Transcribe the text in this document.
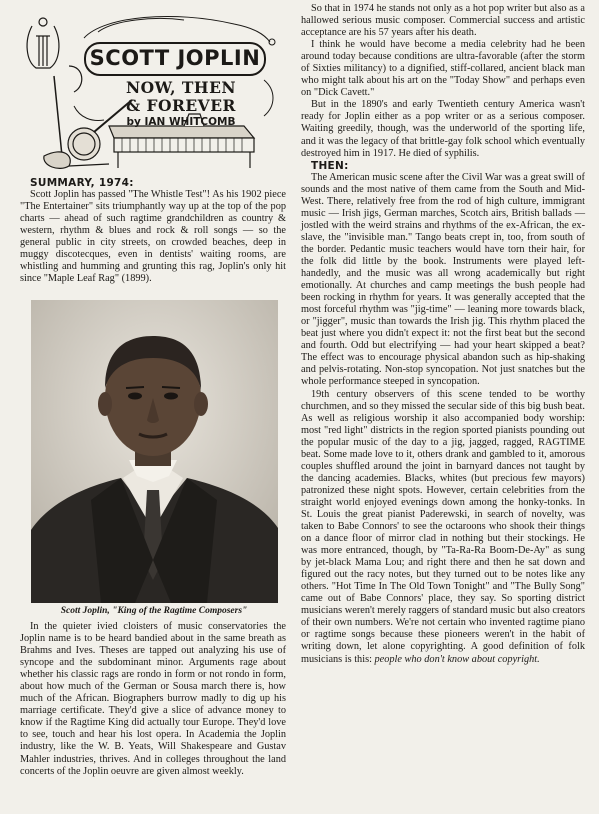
SCOTT JOPLIN
NOW, THEN
& FOREVER
by IAN WHITCOMB

SUMMARY, 1974:

Scott Joplin has passed "The Whistle Test"! As his 1902 piece "The Entertainer" sits triumphantly way up at the top of the pop charts — ahead of such ragtime grandchildren as country & western, rhythm & blues and rock & roll songs — so the general public in city streets, on crowded beaches, deep in muggy discotecques, even in dentists' waiting rooms, are whistling and humming and grunting this rag, Joplin's only hit since "Maple Leaf Rag" (1899).

Scott Joplin, "King of the Ragtime Composers"

In the quieter ivied cloisters of music conservatories the Joplin name is to be heard bandied about in the same breath as Brahms and Ives. Theses are tapped out analyzing his use of syncope and the subdominant minor. Arguments rage about whether his classic rags are rondo in form or not rondo in form, about how much of the German or Sousa march there is, how much of the African. Biographers burrow madly to dig up his marriage certificate. They'd give a slice of advance money to know if the Ragtime King did actually tour Europe. They'd love to see, touch and hear his lost opera. In Academia the Joplin industry, like the W. B. Yeats, Will Shakespeare and Gustav Mahler industries, thrives. And in colleges throughout the land concerts of the Joplin oeuvre are given almost weekly.

So that in 1974 he stands not only as a hot pop writer but also as a hallowed serious music composer. Commercial success and artistic acceptance are his 57 years after his death.

I think he would have become a media celebrity had he been around today because conditions are ultra-favorable (after the storm of Sixties militancy) to a dignified, stiff-collared, ancient black man who might talk about his art on the "Today Show" and perhaps even on "Dick Cavett."

But in the 1890's and early Twentieth century America wasn't ready for Joplin either as a pop writer or as a serious composer. Waiting greedily, though, was the underworld of the sporting life, and it was the legacy of that brittle-gay folk school which eventually destroyed him in 1917. He died of syphilis.

THEN:

The American music scene after the Civil War was a great swill of sounds and the most native of them came from the South and Mid-West. There, relatively free from the rod of high culture, immigrant music — Irish jigs, German marches, Scotch airs, British ballads — jostled with the weird strains and rhythms of the ex-African, the ex-slave, the "invisible man." Tango beats crept in, too, from south of the border. Pedantic music teachers would have torn their hair, for the folk did little by the book. Instruments were played left-handedly, and the music was all wrong academically but right emotionally. At churches and camp meetings the bush people had been rocking in rhythm for years. It was generally accepted that the most forceful rhythm was "jig-time" — leaning more towards black, or "jigger", music than towards the Irish jig. This rhythm placed the beat just where you didn't expect it: not the first beat but the second and fourth. Odd but electrifying — had your heart skipped a beat? The effect was to encourage physical abandon such as hip-shaking and pelvis-rotating. Non-stop syncopation. Not just snatches but the whole performance steeped in syncopation.

19th century observers of this scene tended to be worthy churchmen, and so they missed the secular side of this big bush beat. As well as religious worship it also accompanied body worship: most "red light" districts in the region sported pianists pounding out the popular music of the day to a jig, jagged, ragged, RAGTIME beat. Some made love to it, others drank and gambled to it, amorous couples shuffled around the joint in barnyard dances not taught by the dancing academies. Blacks, whites (but precious few mayors) patronized these night spots. However, certain celebrities from the straight world enjoyed evenings down among the honky-tonks. In St. Louis the great pianist Paderewski, in search of novelty, was taken to Babe Connors' to see the octaroons who shook their things on a dance floor of mirror clad in nothing but their stockings. He was more entranced, though, by "Ta-Ra-Ra Boom-De-Ay" as sung by jet-black Mama Lou; and right there and then he sat down and figured out the racy notes, but they turned out to be notes like any others. "Hot Time In The Old Town Tonight" and "The Bully Song" came out of Babe Connors' place, they say. So sporting district musicians weren't merely raggers of standard music but also creators of their own numbers. We're not certain who invented ragtime piano or ragtime songs because these pioneers weren't in the habit of writing down, let alone copyrighting. A good definition of folk musicians is this: people who don't know about copyright.
